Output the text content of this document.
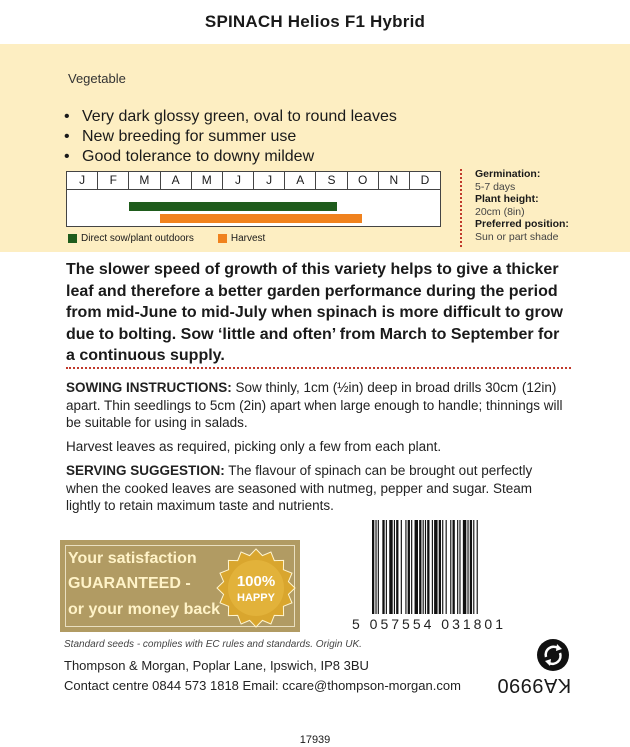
SPINACH Helios F1 Hybrid
Vegetable
• Very dark glossy green, oval to round leaves
• New breeding for summer use
• Good tolerance to downy mildew
J	F	M	A	M	J	J	A	S	O	N	D
Direct sow/plant outdoors	Harvest
Germination:
5-7 days
Plant height:
20cm (8in)
Preferred position:
Sun or part shade
The slower speed of growth of this variety helps to give a thicker leaf and therefore a better garden performance during the period from mid-June to mid-July when spinach is more difficult to grow due to bolting. Sow ‘little and often’ from March to September for a continuous supply.
SOWING INSTRUCTIONS: Sow thinly, 1cm (½in) deep in broad drills 30cm (12in) apart. Thin seedlings to 5cm (2in) apart when large enough to handle; thinnings will be suitable for using in salads.
Harvest leaves as required, picking only a few from each plant.
SERVING SUGGESTION: The flavour of spinach can be brought out perfectly when the cooked leaves are seasoned with nutmeg, pepper and sugar. Steam lightly to retain maximum taste and nutrients.
Your satisfaction
GUARANTEED -
or your money back
100%
HAPPY
5 057554 031801
Standard seeds - complies with EC rules and standards. Origin UK.
Thompson & Morgan, Poplar Lane, Ipswich, IP8 3BU
Contact centre 0844 573 1818 Email: ccare@thompson-morgan.com KA9990
17939
